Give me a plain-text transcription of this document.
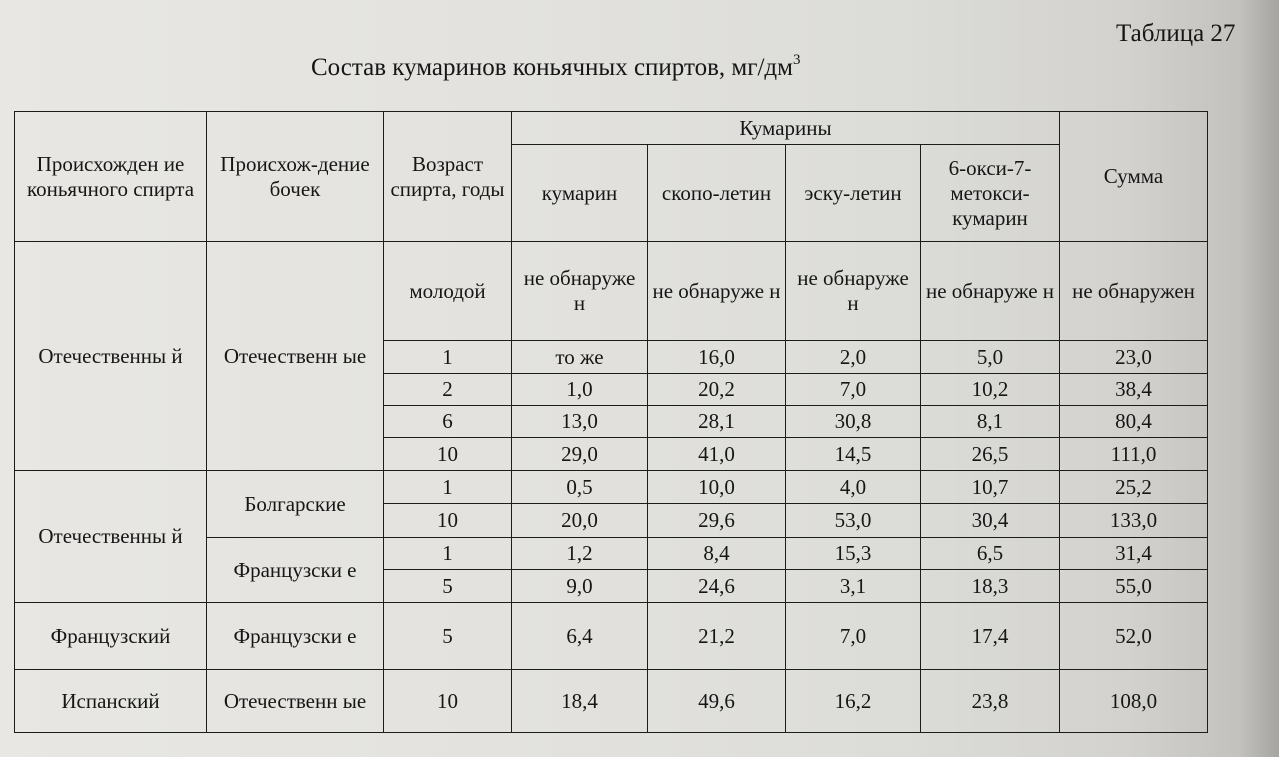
Таблица 27
Состав кумаринов коньячных спиртов, $мг/дм^3$
Происхожден ие коньячного спирта	Происхож-дение бочек	Возраст спирта, годы	Кумарины				Сумма
			кумарин	скопо-летин	эску-летин	6-окси-7-метокси-кумарин	
Отечественны й	Отечественн ые	молодой	не обнаруже н	не обнаруже н	не обнаруже н	не обнаруже н	не обнаружен
		1	то же	16,0	2,0	5,0	23,0
		2	1,0	20,2	7,0	10,2	38,4
		6	13,0	28,1	30,8	8,1	80,4
		10	29,0	41,0	14,5	26,5	111,0
Отечественны й	Болгарские	1	0,5	10,0	4,0	10,7	25,2
		10	20,0	29,6	53,0	30,4	133,0
	Французски е	1	1,2	8,4	15,3	6,5	31,4
		5	9,0	24,6	3,1	18,3	55,0
Французский	Французски е	5	6,4	21,2	7,0	17,4	52,0
Испанский	Отечественн ые	10	18,4	49,6	16,2	23,8	108,0
